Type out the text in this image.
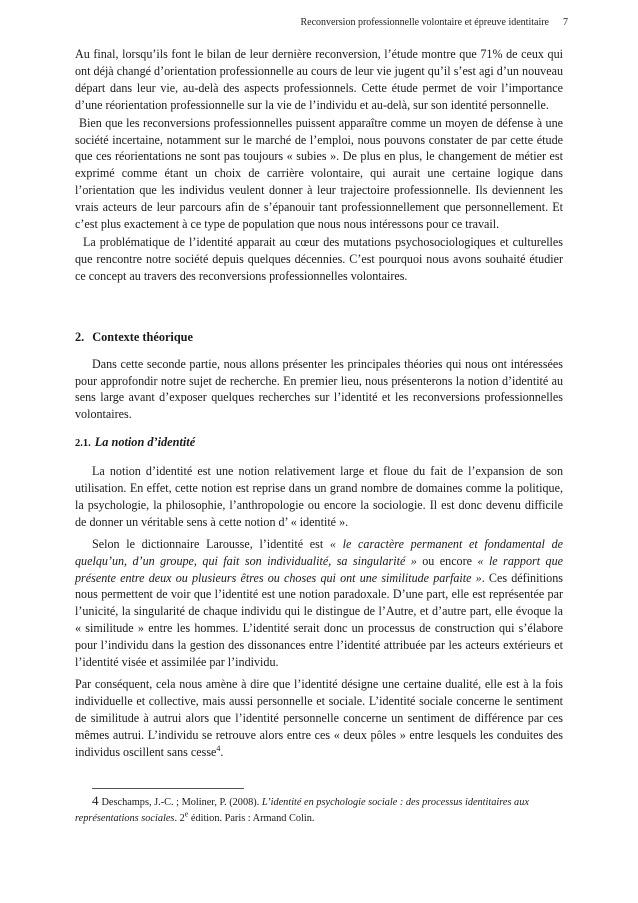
Reconversion professionnelle volontaire et épreuve identitaire 7

Au final, lorsqu’ils font le bilan de leur dernière reconversion, l’étude montre que 71% de ceux qui ont déjà changé d’orientation professionnelle au cours de leur vie jugent qu’il s’est agi d’un nouveau départ dans leur vie, au-delà des aspects professionnels. Cette étude permet de voir l’importance d’une réorientation professionnelle sur la vie de l’individu et au-delà, sur son identité personnelle.

Bien que les reconversions professionnelles puissent apparaître comme un moyen de défense à une société incertaine, notamment sur le marché de l’emploi, nous pouvons constater de par cette étude que ces réorientations ne sont pas toujours « subies ». De plus en plus, le changement de métier est exprimé comme étant un choix de carrière volontaire, qui aurait une certaine logique dans l’orientation que les individus veulent donner à leur trajectoire professionnelle. Ils deviennent les vrais acteurs de leur parcours afin de s’épanouir tant professionnellement que personnellement. Et c’est plus exactement à ce type de population que nous nous intéressons pour ce travail.

La problématique de l’identité apparait au cœur des mutations psychosociologiques et culturelles que rencontre notre société depuis quelques décennies. C’est pourquoi nous avons souhaité étudier ce concept au travers des reconversions professionnelles volontaires.

2. Contexte théorique

Dans cette seconde partie, nous allons présenter les principales théories qui nous ont intéressées pour approfondir notre sujet de recherche. En premier lieu, nous présenterons la notion d’identité au sens large avant d’exposer quelques recherches sur l’identité et les reconversions professionnelles volontaires.

2.1. La notion d’identité

La notion d’identité est une notion relativement large et floue du fait de l’expansion de son utilisation. En effet, cette notion est reprise dans un grand nombre de domaines comme la politique, la psychologie, la philosophie, l’anthropologie ou encore la sociologie. Il est donc devenu difficile de donner un véritable sens à cette notion d’ « identité ».

Selon le dictionnaire Larousse, l’identité est « le caractère permanent et fondamental de quelqu’un, d’un groupe, qui fait son individualité, sa singularité » ou encore « le rapport que présente entre deux ou plusieurs êtres ou choses qui ont une similitude parfaite ». Ces définitions nous permettent de voir que l’identité est une notion paradoxale. D’une part, elle est représentée par l’unicité, la singularité de chaque individu qui le distingue de l’Autre, et d’autre part, elle évoque la « similitude » entre les hommes. L’identité serait donc un processus de construction qui s’élabore pour l’individu dans la gestion des dissonances entre l’identité attribuée par les acteurs extérieurs et l’identité visée et assimilée par l’individu.

Par conséquent, cela nous amène à dire que l’identité désigne une certaine dualité, elle est à la fois individuelle et collective, mais aussi personnelle et sociale. L’identité sociale concerne le sentiment de similitude à autrui alors que l’identité personnelle concerne un sentiment de différence par ces mêmes autrui. L’individu se retrouve alors entre ces « deux pôles » entre lesquels les conduites des individus oscillent sans cesse$^4$.

4 Deschamps, J.-C. ; Moliner, P. (2008). L’identité en psychologie sociale : des processus identitaires aux représentations sociales. 2e édition. Paris : Armand Colin.
